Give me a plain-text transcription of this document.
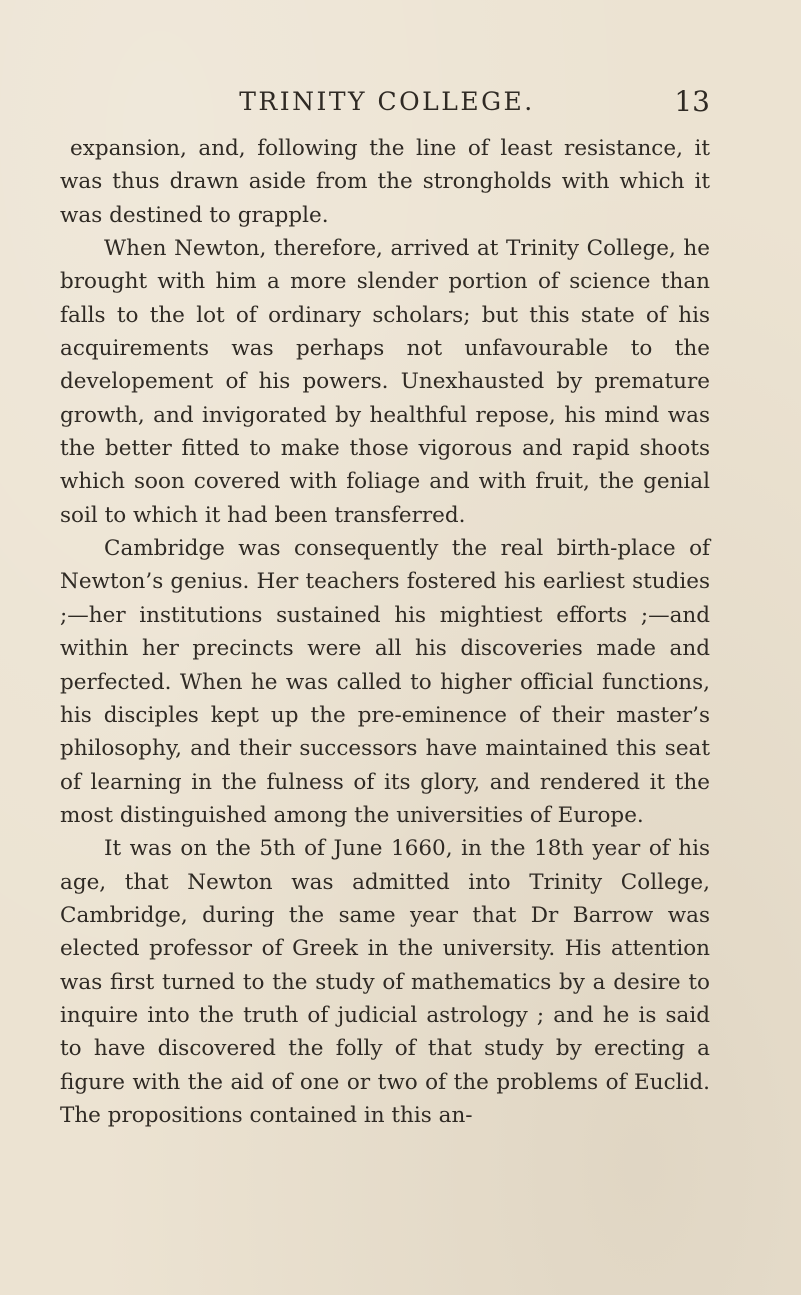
TRINITY COLLEGE.	13

expansion, and, following the line of least resistance, it was thus drawn aside from the strongholds with which it was destined to grapple.

When Newton, therefore, arrived at Trinity College, he brought with him a more slender portion of science than falls to the lot of ordinary scholars; but this state of his acquirements was perhaps not unfavourable to the developement of his powers. Unexhausted by premature growth, and invigorated by healthful repose, his mind was the better fitted to make those vigorous and rapid shoots which soon covered with foliage and with fruit, the genial soil to which it had been transferred.

Cambridge was consequently the real birth-place of Newton’s genius. Her teachers fostered his earliest studies ;—her institutions sustained his mightiest efforts ;—and within her precincts were all his discoveries made and perfected. When he was called to higher official functions, his disciples kept up the pre-eminence of their master’s philosophy, and their successors have maintained this seat of learning in the fulness of its glory, and rendered it the most distinguished among the universities of Europe.

It was on the 5th of June 1660, in the 18th year of his age, that Newton was admitted into Trinity College, Cambridge, during the same year that Dr Barrow was elected professor of Greek in the university. His attention was first turned to the study of mathematics by a desire to inquire into the truth of judicial astrology ; and he is said to have discovered the folly of that study by erecting a figure with the aid of one or two of the problems of Euclid. The propositions contained in this an-
